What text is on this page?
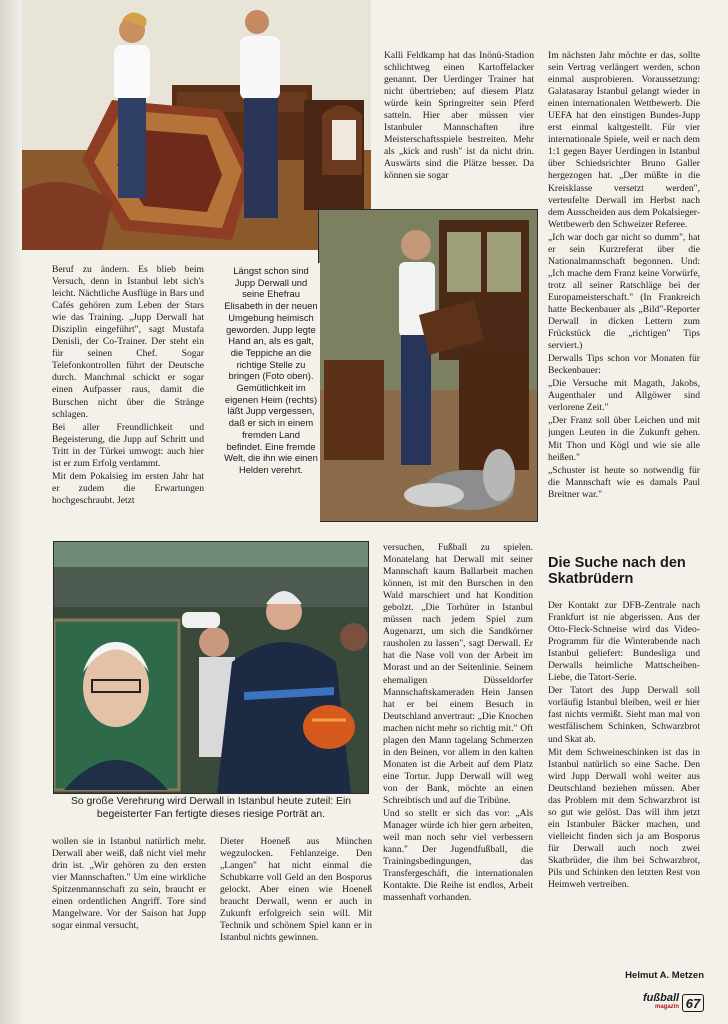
Längst schon sind Jupp Derwall und seine Ehefrau Elisabeth in der neuen Umgebung heimisch geworden. Jupp legte Hand an, als es galt, die Teppiche an die richtige Stelle zu bringen (Foto oben). Gemütlichkeit im eigenen Heim (rechts) läßt Jupp vergessen, daß er sich in einem fremden Land befindet. Eine fremde Welt, die ihn wie einen Helden verehrt.

Beruf zu ändern. Es blieb beim Versuch, denn in Istanbul lebt sich's leicht. Nächtliche Ausflüge in Bars und Cafés gehören zum Leben der Stars wie das Training. „Jupp Derwall hat Disziplin eingeführt", sagt Mustafa Denisli, der Co-Trainer. Der steht ein für seinen Chef. Sogar Telefonkontrollen führt der Deutsche durch. Manchmal schickt er sogar einen Aufpasser raus, damit die Burschen nicht über die Stränge schlagen.

Bei aller Freundlichkeit und Begeisterung, die Jupp auf Schritt und Tritt in der Türkei umwogt: auch hier ist er zum Erfolg verdammt.

Mit dem Pokalsieg im ersten Jahr hat er zudem die Erwartungen hochgeschraubt. Jetzt

Kalli Feldkamp hat das Inönü-Stadion schlichtweg einen Kartoffelacker genannt. Der Uerdinger Trainer hat nicht übertrieben; auf diesem Platz würde kein Springreiter sein Pferd satteln. Hier aber müssen vier Istanbuler Mannschaften ihre Meisterschaftsspiele bestreiten. Mehr als „kick and rush" ist da nicht drin. Auswärts sind die Plätze besser. Da können sie sogar

Im nächsten Jahr möchte er das, sollte sein Vertrag verlängert werden, schon einmal ausprobieren. Voraussetzung: Galatasaray Istanbul gelangt wieder in einen internationalen Wettbewerb. Die UEFA hat den einstigen Bundes-Jupp erst einmal kaltgestellt. Für vier internationale Spiele, weil er nach dem 1:1 gegen Bayer Uerdingen in Istanbul über Schiedsrichter Bruno Galler hergezogen hat. „Der müßte in die Kreisklasse versetzt werden", verteufelte Derwall im Herbst nach dem Ausscheiden aus dem Pokalsieger-Wettbewerb den Schweizer Referee.

„Ich war doch gar nicht so dumm", hat er sein Kurzreferat über die Nationalmannschaft begonnen. Und: „Ich mache dem Franz keine Vorwürfe, trotz all seiner Ratschläge bei der Europameisterschaft." (In Frankreich hatte Beckenbauer als „Bild"-Reporter Derwall in dicken Lettern zum Frückstück die „richtigen" Tips serviert.)

Derwalls Tips schon vor Monaten für Beckenbauer:

„Die Versuche mit Magath, Jakobs, Augenthaler und Allgöwer sind verlorene Zeit."

„Der Franz soll über Leichen und mit jungen Leuten in die Zukunft gehen. Mit Thon und Kögl und wie sie alle heißen."

„Schuster ist heute so notwendig für die Mannschaft wie es damals Paul Breitner war."

So große Verehrung wird Derwall in Istanbul heute zuteil: Ein begeisterter Fan fertigte dieses riesige Porträt an.

versuchen, Fußball zu spielen. Monatelang hat Derwall mit seiner Mannschaft kaum Ballarbeit machen können, ist mit den Burschen in den Wald marschiert und hat Kondition gebolzt. „Die Torhüter in Istanbul müssen nach jedem Spiel zum Augenarzt, um sich die Sandkörner rausholen zu lassen", sagt Derwall. Er hat die Nase voll von der Arbeit im Morast und an der Seitenlinie. Seinem ehemaligen Düsseldorfer Mannschaftskameraden Hein Jansen hat er bei einem Besuch in Deutschland anvertraut: „Die Knochen machen nicht mehr so richtig mit." Oft plagen den Mann tagelang Schmerzen in den Beinen, vor allem in den kalten Monaten ist die Arbeit auf dem Platz eine Tortur. Jupp Derwall will weg von der Bank, möchte an einen Schreibtisch und auf die Tribüne.

Und so stellt er sich das vor: „Als Manager würde ich hier gern arbeiten, weil man noch sehr viel verbessern kann." Der Jugendfußball, die Trainingsbedingungen, das Transfergeschäft, die internationalen Kontakte. Die Reihe ist endlos, Arbeit massenhaft vorhanden.

Die Suche nach den Skatbrüdern

Der Kontakt zur DFB-Zentrale nach Frankfurt ist nie abgerissen. Aus der Otto-Fleck-Schneise wird das Video-Programm für die Winterabende nach Istanbul geliefert: Bundesliga und Derwalls heimliche Mattscheiben-Liebe, die Tatort-Serie.

Der Tatort des Jupp Derwall soll vorläufig Istanbul bleiben, weil er hier fast nichts vermißt. Sieht man mal von westfälischem Schinken, Schwarzbrot und Skat ab.

Mit dem Schweineschinken ist das in Istanbul natürlich so eine Sache. Den wird Jupp Derwall wohl weiter aus Deutschland beziehen müssen. Aber das Problem mit dem Schwarzbrot ist so gut wie gelöst. Das will ihm jetzt ein Istanbuler Bäcker machen, und vielleicht finden sich ja am Bosporus für Derwall auch noch zwei Skatbrüder, die ihm bei Schwarzbrot, Pils und Schinken den letzten Rest von Heimweh vertreiben.

Helmut A. Metzen

wollen sie in Istanbul natürlich mehr. Derwall aber weiß, daß nicht viel mehr drin ist. „Wir gehören zu den ersten vier Mannschaften." Um eine wirkliche Spitzenmannschaft zu sein, braucht er einen ordentlichen Angriff. Tore sind Mangelware. Vor der Saison hat Jupp sogar einmal versucht,

Dieter Hoeneß aus München wegzulocken. Fehlanzeige. Den „Langen" hat nicht einmal die Schubkarre voll Geld an den Bosporus gelockt. Aber einen wie Hoeneß braucht Derwall, wenn er auch in Zukunft erfolgreich sein will. Mit Technik und schönem Spiel kann er in Istanbul nichts gewinnen.

fußball
magazin 67
